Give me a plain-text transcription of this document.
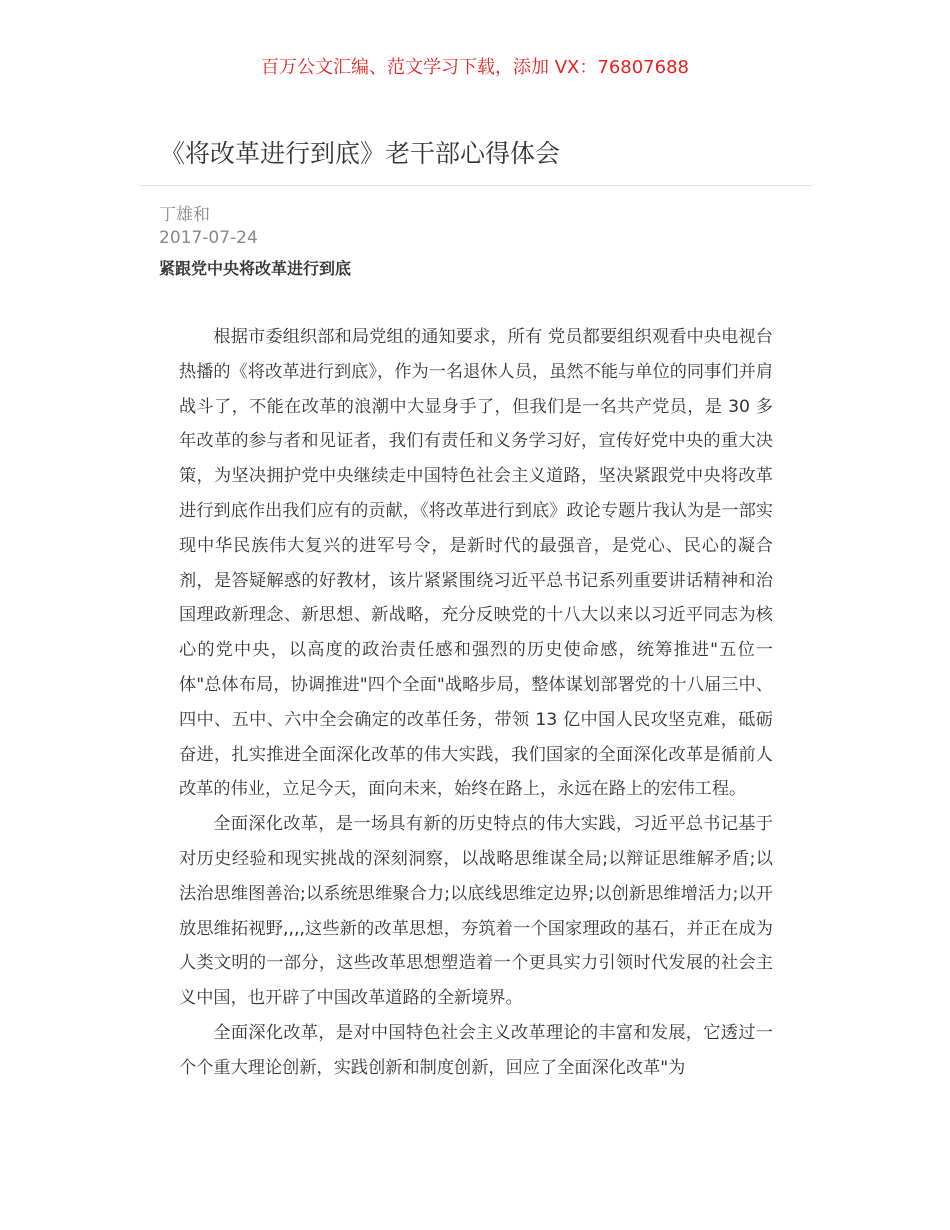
百万公文汇编、范文学习下载，添加 VX：76807688
《将改革进行到底》老干部心得体会
丁雄和
2017-07-24
紧跟党中央将改革进行到底

根据市委组织部和局党组的通知要求，所有 党员都要组织观看中央电视台热播的《将改革进行到底》，作为一名退休人员，虽然不能与单位的同事们并肩战斗了，不能在改革的浪潮中大显身手了，但我们是一名共产党员，是 30 多年改革的参与者和见证者，我们有责任和义务学习好，宣传好党中央的重大决策，为坚决拥护党中央继续走中国特色社会主义道路，坚决紧跟党中央将改革进行到底作出我们应有的贡献，《将改革进行到底》政论专题片我认为是一部实现中华民族伟大复兴的进军号令，是新时代的最强音，是党心、民心的凝合剂，是答疑解惑的好教材，该片紧紧围绕习近平总书记系列重要讲话精神和治国理政新理念、新思想、新战略，充分反映党的十八大以来以习近平同志为核心的党中央，以高度的政治责任感和强烈的历史使命感，统筹推进"五位一体"总体布局，协调推进"四个全面"战略步局，整体谋划部署党的十八届三中、四中、五中、六中全会确定的改革任务，带领 13 亿中国人民攻坚克难，砥砺奋进，扎实推进全面深化改革的伟大实践，我们国家的全面深化改革是循前人改革的伟业，立足今天，面向未来，始终在路上，永远在路上的宏伟工程。

全面深化改革，是一场具有新的历史特点的伟大实践，习近平总书记基于对历史经验和现实挑战的深刻洞察，以战略思维谋全局;以辩证思维解矛盾;以法治思维图善治;以系统思维聚合力;以底线思维定边界;以创新思维增活力;以开放思维拓视野,,,,这些新的改革思想，夯筑着一个国家理政的基石，并正在成为人类文明的一部分，这些改革思想塑造着一个更具实力引领时代发展的社会主义中国，也开辟了中国改革道路的全新境界。

全面深化改革，是对中国特色社会主义改革理论的丰富和发展，它透过一个个重大理论创新，实践创新和制度创新，回应了全面深化改革"为
